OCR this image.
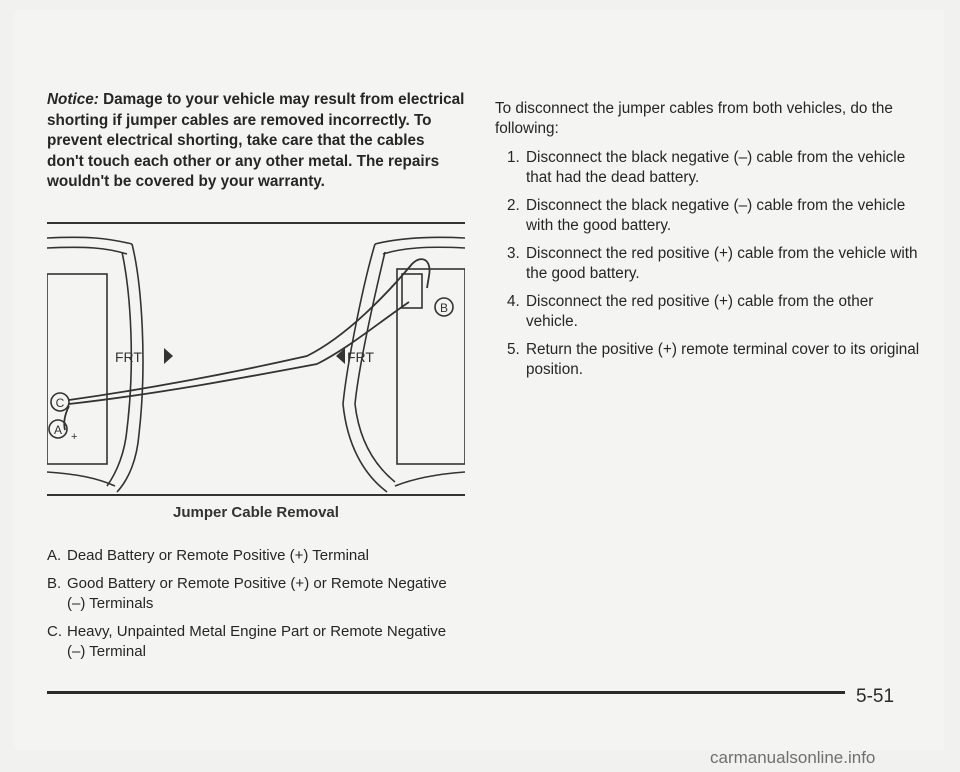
Notice: Damage to your vehicle may result from electrical shorting if jumper cables are removed incorrectly. To prevent electrical shorting, take care that the cables don't touch each other or any other metal. The repairs wouldn't be covered by your warranty.

FRT	FRT
B
C
A +
Jumper Cable Removal
A. Dead Battery or Remote Positive (+) Terminal
B. Good Battery or Remote Positive (+) or Remote Negative (–) Terminals
C. Heavy, Unpainted Metal Engine Part or Remote Negative (–) Terminal

To disconnect the jumper cables from both vehicles, do the following:

1. Disconnect the black negative (–) cable from the vehicle that had the dead battery.
2. Disconnect the black negative (–) cable from the vehicle with the good battery.
3. Disconnect the red positive (+) cable from the vehicle with the good battery.
4. Disconnect the red positive (+) cable from the other vehicle.
5. Return the positive (+) remote terminal cover to its original position.
5-51
carmanualsonline.info
